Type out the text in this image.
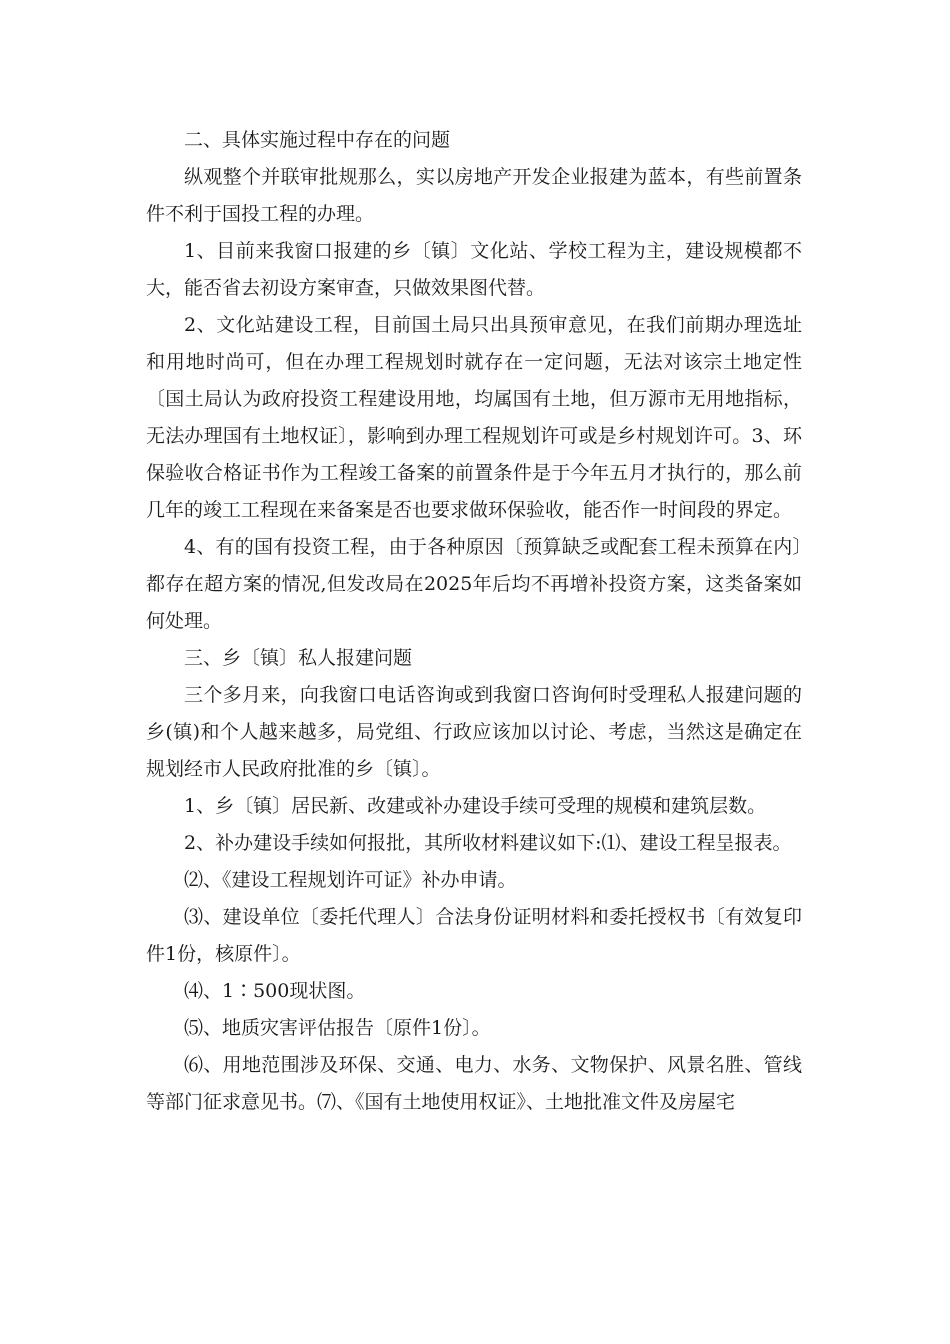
二、具体实施过程中存在的问题

纵观整个并联审批规那么，实以房地产开发企业报建为蓝本，有些前置条件不利于国投工程的办理。

1、目前来我窗口报建的乡〔镇〕文化站、学校工程为主，建设规模都不大，能否省去初设方案审查，只做效果图代替。

2、文化站建设工程，目前国土局只出具预审意见，在我们前期办理选址和用地时尚可，但在办理工程规划时就存在一定问题，无法对该宗土地定性〔国土局认为政府投资工程建设用地，均属国有土地，但万源市无用地指标，无法办理国有土地权证〕，影响到办理工程规划许可或是乡村规划许可。3、环保验收合格证书作为工程竣工备案的前置条件是于今年五月才执行的，那么前几年的竣工工程现在来备案是否也要求做环保验收，能否作一时间段的界定。

4、有的国有投资工程，由于各种原因〔预算缺乏或配套工程未预算在内〕都存在超方案的情况,但发改局在2025年后均不再增补投资方案，这类备案如何处理。

三、乡〔镇〕私人报建问题

三个多月来，向我窗口电话咨询或到我窗口咨询何时受理私人报建问题的乡(镇)和个人越来越多，局党组、行政应该加以讨论、考虑，当然这是确定在规划经市人民政府批准的乡〔镇〕。

1、乡〔镇〕居民新、改建或补办建设手续可受理的规模和建筑层数。

2、补办建设手续如何报批，其所收材料建议如下:⑴、建设工程呈报表。

⑵、《建设工程规划许可证》补办申请。

⑶、建设单位〔委托代理人〕合法身份证明材料和委托授权书〔有效复印件1份，核原件〕。

⑷、1∶500现状图。

⑸、地质灾害评估报告〔原件1份〕。

⑹、用地范围涉及环保、交通、电力、水务、文物保护、风景名胜、管线等部门征求意见书。⑺、《国有土地使用权证》、土地批准文件及房屋宅
